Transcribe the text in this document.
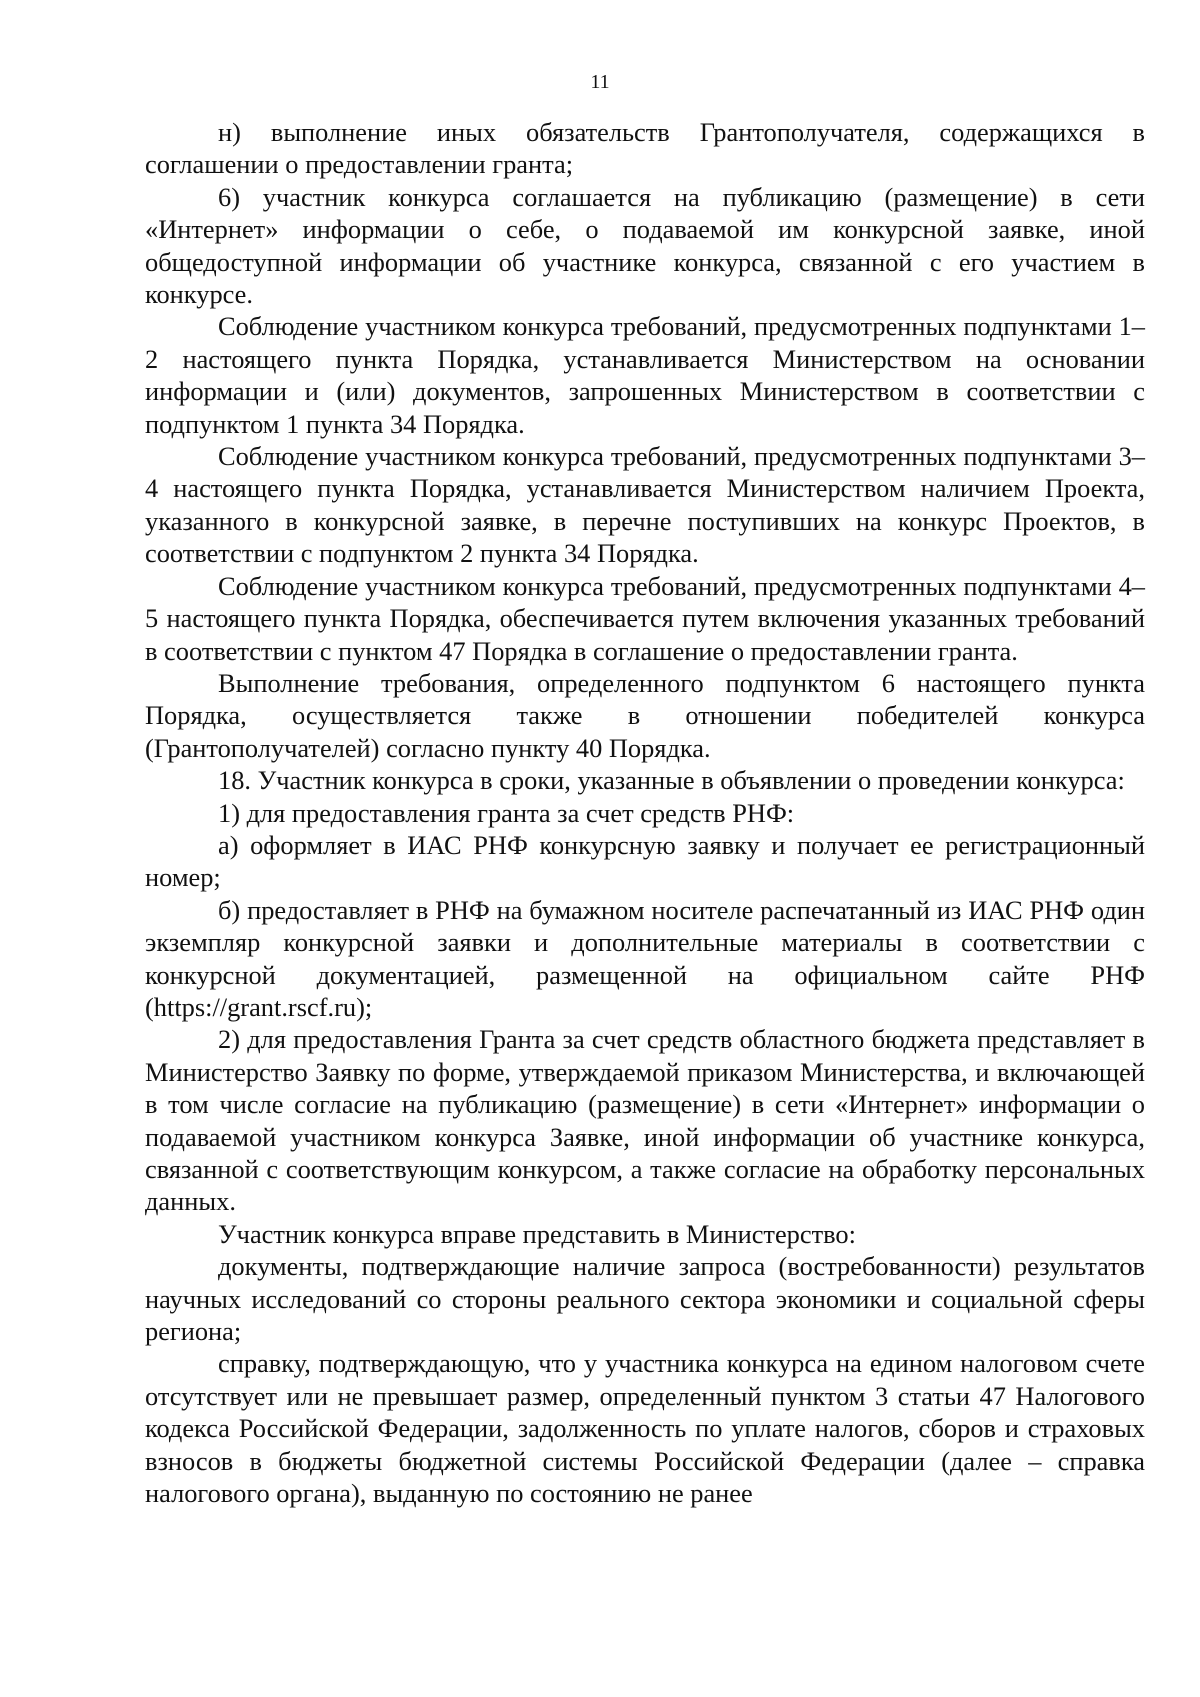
11

н) выполнение иных обязательств Грантополучателя, содержащихся в соглашении о предоставлении гранта;

6) участник конкурса соглашается на публикацию (размещение) в сети «Интернет» информации о себе, о подаваемой им конкурсной заявке, иной общедоступной информации об участнике конкурса, связанной с его участием в конкурсе.

Соблюдение участником конкурса требований, предусмотренных подпунктами 1–2 настоящего пункта Порядка, устанавливается Министерством на основании информации и (или) документов, запрошенных Министерством в соответствии с подпунктом 1 пункта 34 Порядка.

Соблюдение участником конкурса требований, предусмотренных подпунктами 3–4 настоящего пункта Порядка, устанавливается Министерством наличием Проекта, указанного в конкурсной заявке, в перечне поступивших на конкурс Проектов, в соответствии с подпунктом 2 пункта 34 Порядка.

Соблюдение участником конкурса требований, предусмотренных подпунктами 4–5 настоящего пункта Порядка, обеспечивается путем включения указанных требований в соответствии с пунктом 47 Порядка в соглашение о предоставлении гранта.

Выполнение требования, определенного подпунктом 6 настоящего пункта Порядка, осуществляется также в отношении победителей конкурса (Грантополучателей) согласно пункту 40 Порядка.

18. Участник конкурса в сроки, указанные в объявлении о проведении конкурса:

1) для предоставления гранта за счет средств РНФ:

а) оформляет в ИАС РНФ конкурсную заявку и получает ее регистрационный номер;

б) предоставляет в РНФ на бумажном носителе распечатанный из ИАС РНФ один экземпляр конкурсной заявки и дополнительные материалы в соответствии с конкурсной документацией, размещенной на официальном сайте РНФ (https://grant.rscf.ru);

2) для предоставления Гранта за счет средств областного бюджета представляет в Министерство Заявку по форме, утверждаемой приказом Министерства, и включающей в том числе согласие на публикацию (размещение) в сети «Интернет» информации о подаваемой участником конкурса Заявке, иной информации об участнике конкурса, связанной с соответствующим конкурсом, а также согласие на обработку персональных данных.

Участник конкурса вправе представить в Министерство:

документы, подтверждающие наличие запроса (востребованности) результатов научных исследований со стороны реального сектора экономики и социальной сферы региона;

справку, подтверждающую, что у участника конкурса на едином налоговом счете отсутствует или не превышает размер, определенный пунктом 3 статьи 47 Налогового кодекса Российской Федерации, задолженность по уплате налогов, сборов и страховых взносов в бюджеты бюджетной системы Российской Федерации (далее – справка налогового органа), выданную по состоянию не ранее
